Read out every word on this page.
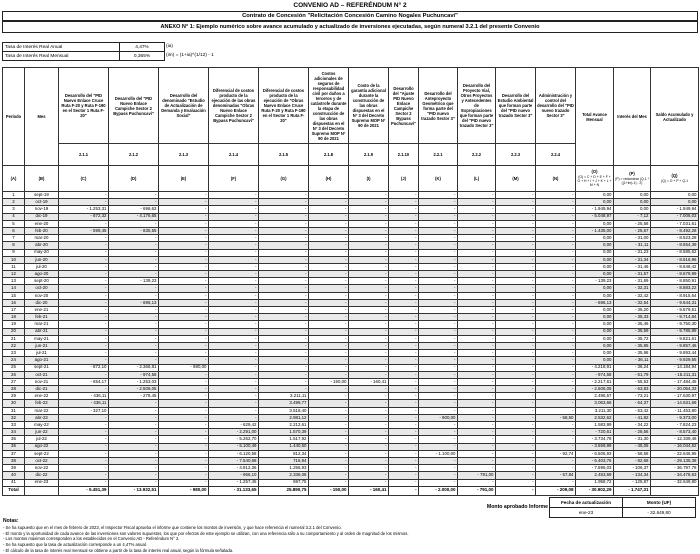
CONVENIO AD – REFERÉNDUM N° 2
Contrato de Concesión "Relicitación Concesión Camino Nogales Puchuncaví"
ANEXO N° 1: Ejemplo numérico sobre avance acumulado y actualizado de inversiones ejecutadas, según numeral 3.2.1 del presente Convenio
Tasa de Interés Real Anual	4,47%
Tasa de Interés Real Mensual	0,365%
(ia)
(im) = (1+ia)^(1/12) - 1
Período	Mes	Desarrollo del "PID Nuevo Enlace Cruce Ruta F-20 y Ruta F-190 en el Sector 1 Ruta F-20"	Desarrollo del "PID Nuevo Enlace Campiche Sector 2 Bypass Puchuncaví"	Desarrollo del denominado "Estudio de Actualización de Demanda y Evaluación Social"	Diferencial de costos producto de la ejecución de las obras denominadas "Obras Nuevo Enlace Campiche Sector 2 Bypass Puchuncaví"	Diferencial de costos producto de la ejecución de "Obras Nuevo Enlace Cruce Ruta F-20 y Ruta F-190 en el Sector 1 Ruta F-20"	Costos adicionales de seguros de responsabilidad civil por daños a terceros y de catástrofe durante la etapa de construcción de las obras dispuestas en el N° 3 del Decreto Supremo MOP N° 90 de 2021	Costo de la garantía adicional durante la construcción de las obras dispuestas en el N° 3 del Decreto Supremo MOP N° 90 de 2021	Desarrollo del "Ajuste PID Nuevo Enlace Campiche Sector 2 Bypass Puchuncaví"	Desarrollo del Anteproyecto Geométrico que forma parte del "PID nuevo trazado Sector 3"	Desarrollo del Proyecto Vial, Otros Proyectos y Antecedentes de Expropiaciones que forman parte del "PID nuevo trazado Sector 3"	Desarrollo del Estudio Ambiental que forman parte del "PID nuevo trazado Sector 3"	Administración y control del desarrollo del "PID nuevo trazado Sector 3"	Total Avance Mensual	Interés del Mes	Saldo Acumulado y Actualizado
		2.1.1	2.1.2	2.1.3	2.1.4	2.1.5	2.1.8	2.1.9	2.1.10	2.2.1	2.2.2	2.2.3	2.2.4			
(A)	(B)	(C)	(D)	(E)	(F)	(G)	(H)	(I)	(J)	(K)	(L)	(M)	(N)	(O)
(O) = C + D + E + F + G + H + I + J + K + L + M + N	(P)
(P) = redondear (Q-1 * ((1+im)-1) ; 2)	(Q)
(Q) = O + P + Q-1

1	sept-19	-	-	-	-	-	-	-	-	-	-	-	-	0,00	0,00	0,00
2	oct-19	-	-	-	-	-	-	-	-	-	-	-	-	0,00	0,00	0,00
3	nov-19	- 1.253,31	- 696,63	-	-	-	-	-	-	-	-	-	-	- 1.949,94	0,00	- 1.949,94
4	dic-19	- 872,32	- 4.176,65	-	-	-	-	-	-	-	-	-	-	- 5.048,97	- 7,12	- 7.006,03
5	ene-20	-	-	-	-	-	-	-	-	-	-	-	-	0,00	- 25,58	- 7.031,61
6	feb-20	- 599,45	- 835,55	-	-	-	-	-	-	-	-	-	-	- 1.435,00	- 25,67	- 8.492,28
7	mar-20	-	-	-	-	-	-	-	-	-	-	-	-	0,00	- 31,00	- 8.523,28
8	abr-20	-	-	-	-	-	-	-	-	-	-	-	-	0,00	- 31,11	- 8.554,39
9	may-20	-	-	-	-	-	-	-	-	-	-	-	-	0,00	- 31,23	- 8.585,62
10	jun-20	-	-	-	-	-	-	-	-	-	-	-	-	0,00	- 31,34	- 8.616,96
11	jul-20	-	-	-	-	-	-	-	-	-	-	-	-	0,00	- 31,46	- 8.648,42
12	ago-20	-	-	-	-	-	-	-	-	-	-	-	-	0,00	- 31,57	- 8.679,99
13	sept-20	-	- 139,23	-	-	-	-	-	-	-	-	-	-	- 139,23	- 31,69	- 8.850,91
14	oct-20	-	-	-	-	-	-	-	-	-	-	-	-	0,00	- 32,31	- 8.883,22
15	nov-20	-	-	-	-	-	-	-	-	-	-	-	-	0,00	- 32,42	- 8.915,64
16	dic-20	-	- 696,13	-	-	-	-	-	-	-	-	-	-	- 696,13	- 32,54	- 9.644,31
17	ene-21	-	-	-	-	-	-	-	-	-	-	-	-	0,00	- 35,20	- 9.679,51
18	feb-21	-	-	-	-	-	-	-	-	-	-	-	-	0,00	- 35,33	- 9.714,84
19	mar-21	-	-	-	-	-	-	-	-	-	-	-	-	0,00	- 35,46	- 9.750,30
20	abr-21	-	-	-	-	-	-	-	-	-	-	-	-	0,00	- 35,59	- 9.785,89
21	may-21	-	-	-	-	-	-	-	-	-	-	-	-	0,00	- 35,72	- 9.821,61
22	jun-21	-	-	-	-	-	-	-	-	-	-	-	-	0,00	- 35,85	- 9.857,46
23	jul-21	-	-	-	-	-	-	-	-	-	-	-	-	0,00	- 35,98	- 9.893,44
24	ago-21	-	-	-	-	-	-	-	-	-	-	-	-	0,00	- 36,11	- 9.929,55
25	sept-21	- 872,10	- 2.366,81	- 980,00	-	-	-	-	-	-	-	-	-	- 4.218,91	- 36,24	- 14.184,94
26	oct-21	-	- 974,58	-	-	-	-	-	-	-	-	-	-	- 974,58	- 51,79	- 15.211,31
27	nov-21	- 654,17	- 1.253,03	-	-	-	- 150,00	- 160,41	-	-	-	-	-	- 2.217,61	- 55,53	- 17.484,45
28	dic-21	-	- 2.506,05	-	-	-	-	-	-	-	-	-	-	- 2.506,05	- 63,83	- 20.054,33
29	ene-22	- 436,11	- 278,45	-	-	3.211,11	-	-	-	-	-	-	-	2.496,57	- 73,21	- 17.630,97
30	feb-22	- 436,11	-	-	-	3.499,77	-	-	-	-	-	-	-	3.063,66	- 64,37	- 14.631,68
31	mar-22	- 327,10	-	-	-	3.518,40	-	-	-	-	-	-	-	3.211,30	- 53,42	- 11.453,80
32	abr-22	-	-	-	-	2.981,12	-	-	-	- 900,00	-	-	- 58,50	2.532,62	- 41,82	- 9.373,00
33	may-22	-	-	-	- 629,42	2.212,61	-	-	-	-	-	-	-	1.583,99	- 34,22	- 7.824,23
34	jun-22	-	-	-	- 2.291,00	1.570,39	-	-	-	-	-	-	-	- 720,61	- 28,56	- 8.573,40
35	jul-22	-	-	-	- 5.252,70	1.517,92	-	-	-	-	-	-	-	- 3.734,78	- 31,30	- 12.339,48
36	ago-22	-	-	-	- 5.100,49	1.440,50	-	-	-	-	-	-	-	- 3.659,99	- 45,05	- 16.044,52
37	sept-22	-	-	-	- 6.120,58	812,34	-	-	-	- 1.100,00	-	-	- 92,74	- 6.505,93	- 58,58	- 22.646,95
38	oct-22	-	-	-	- 7.540,68	716,94	-	-	-	-	-	-	-	- 6.403,76	- 82,68	- 29.135,38
39	nov-22	-	-	-	- 4.812,36	1.256,93	-	-	-	-	-	-	-	- 7.596,03	- 106,37	- 36.797,78
40	dic-22	-	-	-	- 966,10	2.336,08	-	-	-	-	- 791,00	-	- 57,84	2.453,69	- 134,34	- 34.478,63
41	ene-23	-	-	-	- 1.257,45	697,75	-	-	-	-	-	-	-	1.958,72	- 125,87	- 32.649,80
Total		- 5.451,39	- 13.932,51	- 980,00	- 31.133,65	25.890,75	- 150,00	- 160,41	-	- 2.000,00	- 791,00	-	- 209,08	- 30.902,29	- 1.747,31	
Monto aprobado Informe
Fecha de actualización	Monto (UF)
ene-23	- 32.649,80
Notas:
- Se ha supuesto que en el mes de febrero de 2023, el Inspector Fiscal aprueba el informe que contiene los montos de inversión, y que hace referencia el numeral 3.2.1 del Convenio.
- El monto y la oportunidad de cada avance de las inversiones son valores supuestos, los que por efectos de este ejemplo se utilizan, con una referencia sólo a su comportamiento y al orden de magnitud de los mismos.
- Los montos máximos corresponden a los establecidos en el Convenio AD - Referéndum N° 2.
- Se ha supuesto que la tasa de actualización corresponde a un 4,47% anual.
- El cálculo de la tasa de interés real mensual se obtiene a partir de la tasa de interés real anual, según la fórmula señalada.
